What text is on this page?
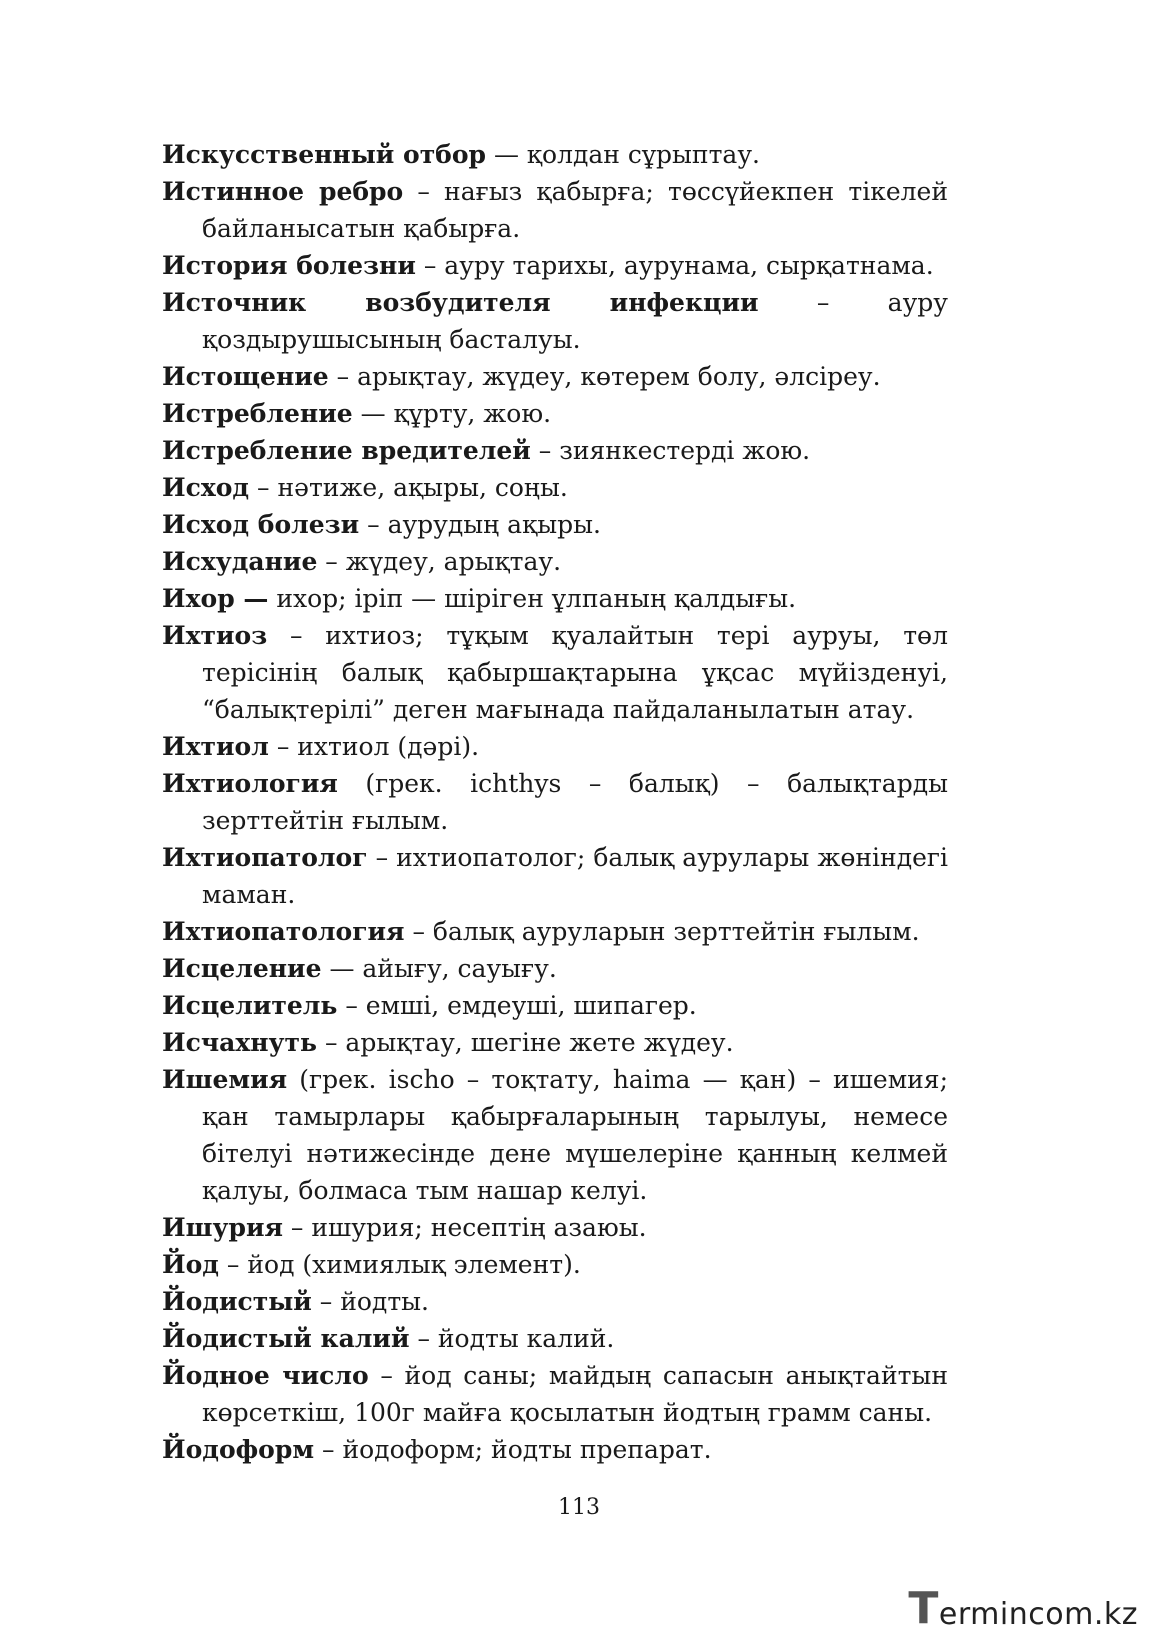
Искусственный отбор — қолдан сұрыптау.

Истинное ребро – нағыз қабырға; төссүйекпен тікелей байланысатын қабырға.

История болезни – ауру тарихы, аурунама, сырқатнама.

Источник возбудителя инфекции – ауру қоздырушысының басталуы.

Истощение – арықтау, жүдеу, көтерем болу, әлсіреу.

Истребление — құрту, жою.

Истребление вредителей – зиянкестерді жою.

Исход – нәтиже, ақыры, соңы.

Исход болези – аурудың ақыры.

Исхудание – жүдеу, арықтау.

Ихор — ихор; іріп — шіріген ұлпаның қалдығы.

Ихтиоз – ихтиоз; тұқым қуалайтын тері ауруы, төл терісінің балық қабыршақтарына ұқсас мүйізденуі, “балықтерілі” деген мағынада пайдаланылатын атау.

Ихтиол – ихтиол (дәрі).

Ихтиология (грек. ichthys – балық) – балықтарды зерттейтін ғылым.

Ихтиопатолог – ихтиопатолог; балық аурулары жөніндегі маман.

Ихтиопатология – балық ауруларын зерттейтін ғылым.

Исцеление — айығу, сауығу.

Исцелитель – емші, емдеуші, шипагер.

Исчахнуть – арықтау, шегіне жете жүдеу.

Ишемия (грек. ischo – тоқтату, haima — қан) – ишемия; қан тамырлары қабырғаларының тарылуы, немесе бітелуі нәтижесінде дене мүшелеріне қанның келмей қалуы, болмаса тым нашар келуі.

Ишурия – ишурия; несептің азаюы.

Йод – йод (химиялық элемент).

Йодистый – йодты.

Йодистый калий – йодты калий.

Йодное число – йод саны; майдың сапасын анықтайтын көрсеткіш, 100г майға қосылатын йодтың грамм саны.

Йодоформ – йодоформ; йодты препарат.

113
T ermincom.kz
